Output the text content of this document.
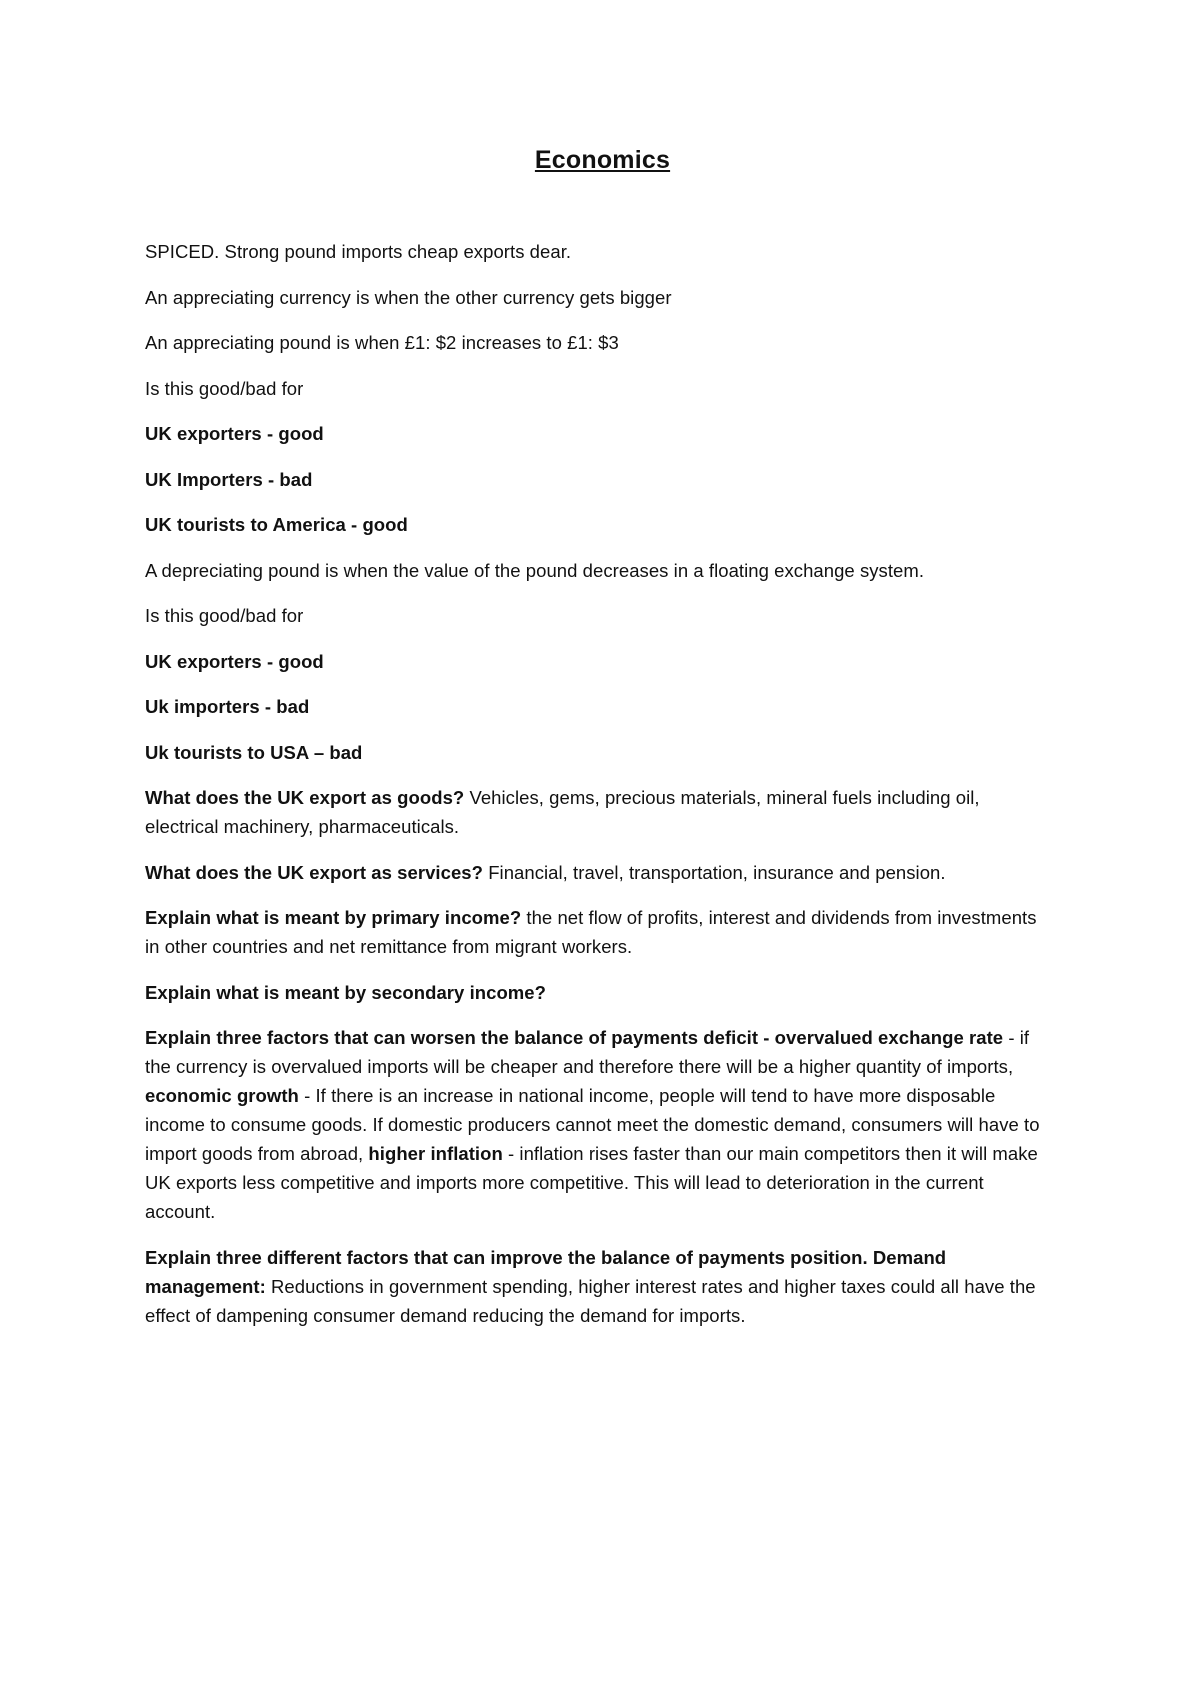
Economics

SPICED. Strong pound imports cheap exports dear.

An appreciating currency is when the other currency gets bigger

An appreciating pound is when £1: $2 increases to £1: $3

Is this good/bad for

UK exporters - good

UK Importers - bad

UK tourists to America - good

A depreciating pound is when the value of the pound decreases in a floating exchange system.

Is this good/bad for

UK exporters - good

Uk importers - bad

Uk tourists to USA – bad

What does the UK export as goods? Vehicles, gems, precious materials, mineral fuels including oil, electrical machinery, pharmaceuticals.

What does the UK export as services? Financial, travel, transportation, insurance and pension.

Explain what is meant by primary income? the net flow of profits, interest and dividends from investments in other countries and net remittance from migrant workers.

Explain what is meant by secondary income?

Explain three factors that can worsen the balance of payments deficit - overvalued exchange rate - if the currency is overvalued imports will be cheaper and therefore there will be a higher quantity of imports, economic growth - If there is an increase in national income, people will tend to have more disposable income to consume goods. If domestic producers cannot meet the domestic demand, consumers will have to import goods from abroad, higher inflation - inflation rises faster than our main competitors then it will make UK exports less competitive and imports more competitive. This will lead to deterioration in the current account.

Explain three different factors that can improve the balance of payments position. Demand management: Reductions in government spending, higher interest rates and higher taxes could all have the effect of dampening consumer demand reducing the demand for imports.
